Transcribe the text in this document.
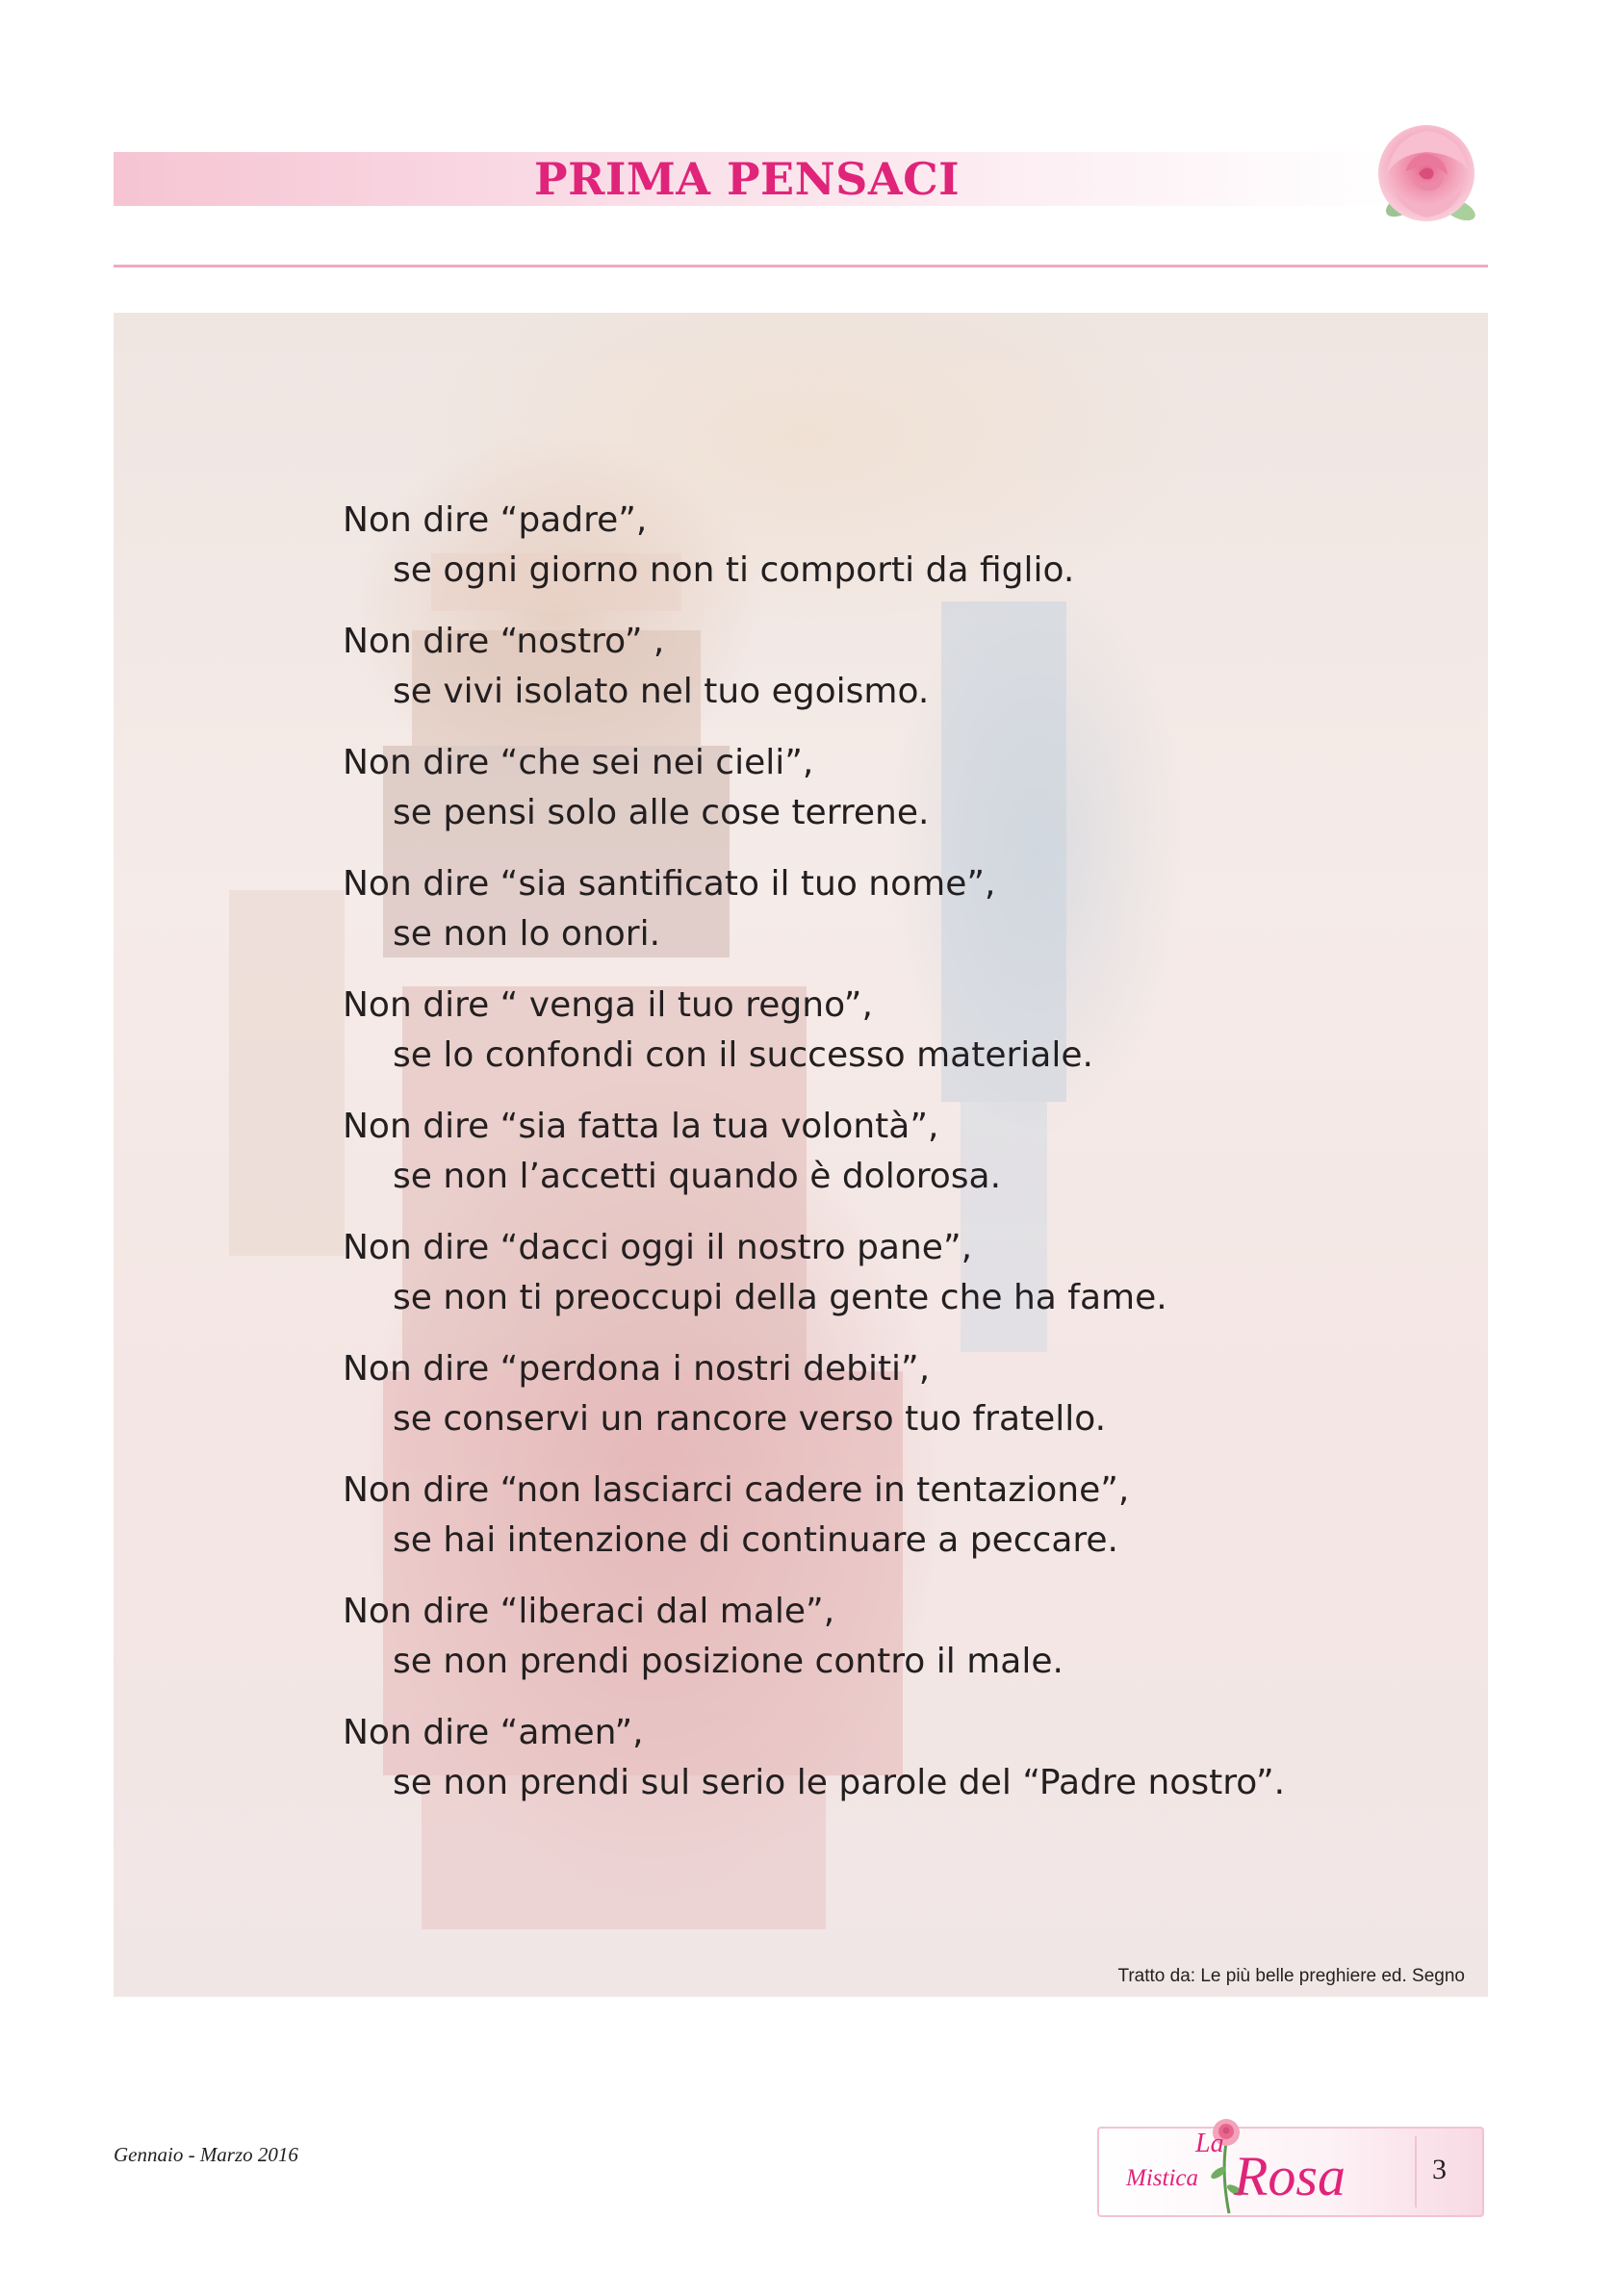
PRIMA PENSACI

Non dire “padre”,

se ogni giorno non ti comporti da figlio.

Non dire “nostro” ,

se vivi isolato nel tuo egoismo.

Non dire “che sei nei cieli”,

se pensi solo alle cose terrene.

Non dire “sia santificato il tuo nome”,

se non lo onori.

Non dire “ venga il tuo regno”,

se lo confondi con il successo materiale.

Non dire “sia fatta la tua volontà”,

se non l’accetti quando è dolorosa.

Non dire “dacci oggi il nostro pane”,

se non ti preoccupi della gente che ha fame.

Non dire “perdona i nostri debiti”,

se conservi un rancore verso tuo fratello.

Non dire “non lasciarci cadere in tentazione”,

se hai intenzione di continuare a peccare.

Non dire “liberaci dal male”,

se non prendi posizione contro il male.

Non dire “amen”,

se non prendi sul serio le parole del “Padre nostro”.

Tratto da: Le più belle preghiere ed. Segno
Gennaio - Marzo 2016	La
Mistica Rosa	3
